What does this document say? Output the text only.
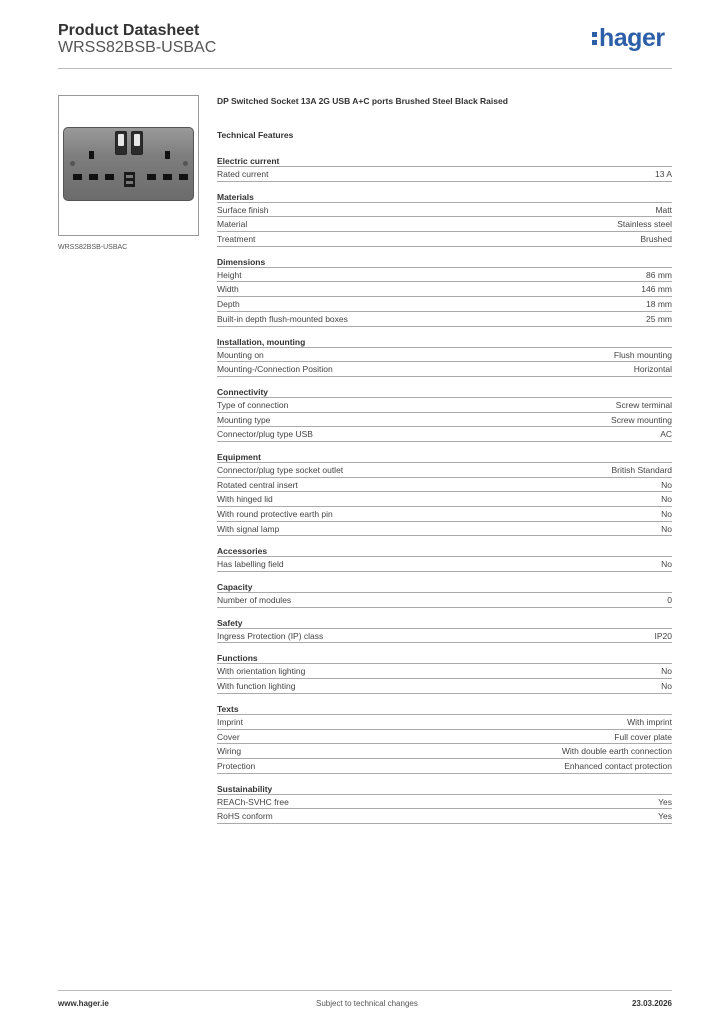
Product Datasheet
WRSS82BSB-USBAC	hager
WRSS82BSB-USBAC
DP Switched Socket 13A 2G USB A+C ports Brushed Steel Black Raised
Technical Features
Electric current
Rated current	13 A
Materials
Surface finish	Matt
Material	Stainless steel
Treatment	Brushed
Dimensions
Height	86 mm
Width	146 mm
Depth	18 mm
Built-in depth flush-mounted boxes	25 mm
Installation, mounting
Mounting on	Flush mounting
Mounting-/Connection Position	Horizontal
Connectivity
Type of connection	Screw terminal
Mounting type	Screw mounting
Connector/plug type USB	AC
Equipment
Connector/plug type socket outlet	British Standard
Rotated central insert	No
With hinged lid	No
With round protective earth pin	No
With signal lamp	No
Accessories
Has labelling field	No
Capacity
Number of modules	0
Safety
Ingress Protection (IP) class	IP20
Functions
With orientation lighting	No
With function lighting	No
Texts
Imprint	With imprint
Cover	Full cover plate
Wiring	With double earth connection
Protection	Enhanced contact protection
Sustainability
REACh-SVHC free	Yes
RoHS conform	Yes
www.hager.ie	Subject to technical changes	23.03.2026
